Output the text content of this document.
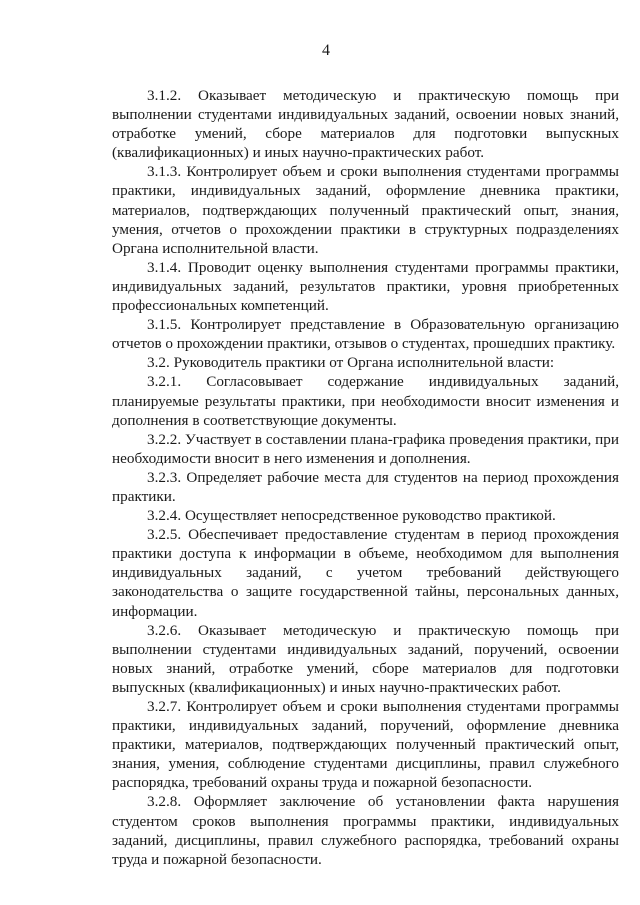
4

3.1.2. Оказывает методическую и практическую помощь при выполнении студентами индивидуальных заданий, освоении новых знаний, отработке умений, сборе материалов для подготовки выпускных (квалификационных) и иных научно-практических работ.

3.1.3. Контролирует объем и сроки выполнения студентами программы практики, индивидуальных заданий, оформление дневника практики, материалов, подтверждающих полученный практический опыт, знания, умения, отчетов о прохождении практики в структурных подразделениях Органа исполнительной власти.

3.1.4. Проводит оценку выполнения студентами программы практики, индивидуальных заданий, результатов практики, уровня приобретенных профессиональных компетенций.

3.1.5. Контролирует представление в Образовательную организацию отчетов о прохождении практики, отзывов о студентах, прошедших практику.

3.2. Руководитель практики от Органа исполнительной власти:

3.2.1. Согласовывает содержание индивидуальных заданий, планируемые результаты практики, при необходимости вносит изменения и дополнения в соответствующие документы.

3.2.2. Участвует в составлении плана-графика проведения практики, при необходимости вносит в него изменения и дополнения.

3.2.3. Определяет рабочие места для студентов на период прохождения практики.

3.2.4. Осуществляет непосредственное руководство практикой.

3.2.5. Обеспечивает предоставление студентам в период прохождения практики доступа к информации в объеме, необходимом для выполнения индивидуальных заданий, с учетом требований действующего законодательства о защите государственной тайны, персональных данных, информации.

3.2.6. Оказывает методическую и практическую помощь при выполнении студентами индивидуальных заданий, поручений, освоении новых знаний, отработке умений, сборе материалов для подготовки выпускных (квалификационных) и иных научно-практических работ.

3.2.7. Контролирует объем и сроки выполнения студентами программы практики, индивидуальных заданий, поручений, оформление дневника практики, материалов, подтверждающих полученный практический опыт, знания, умения, соблюдение студентами дисциплины, правил служебного распорядка, требований охраны труда и пожарной безопасности.

3.2.8. Оформляет заключение об установлении факта нарушения студентом сроков выполнения программы практики, индивидуальных заданий, дисциплины, правил служебного распорядка, требований охраны труда и пожарной безопасности.
